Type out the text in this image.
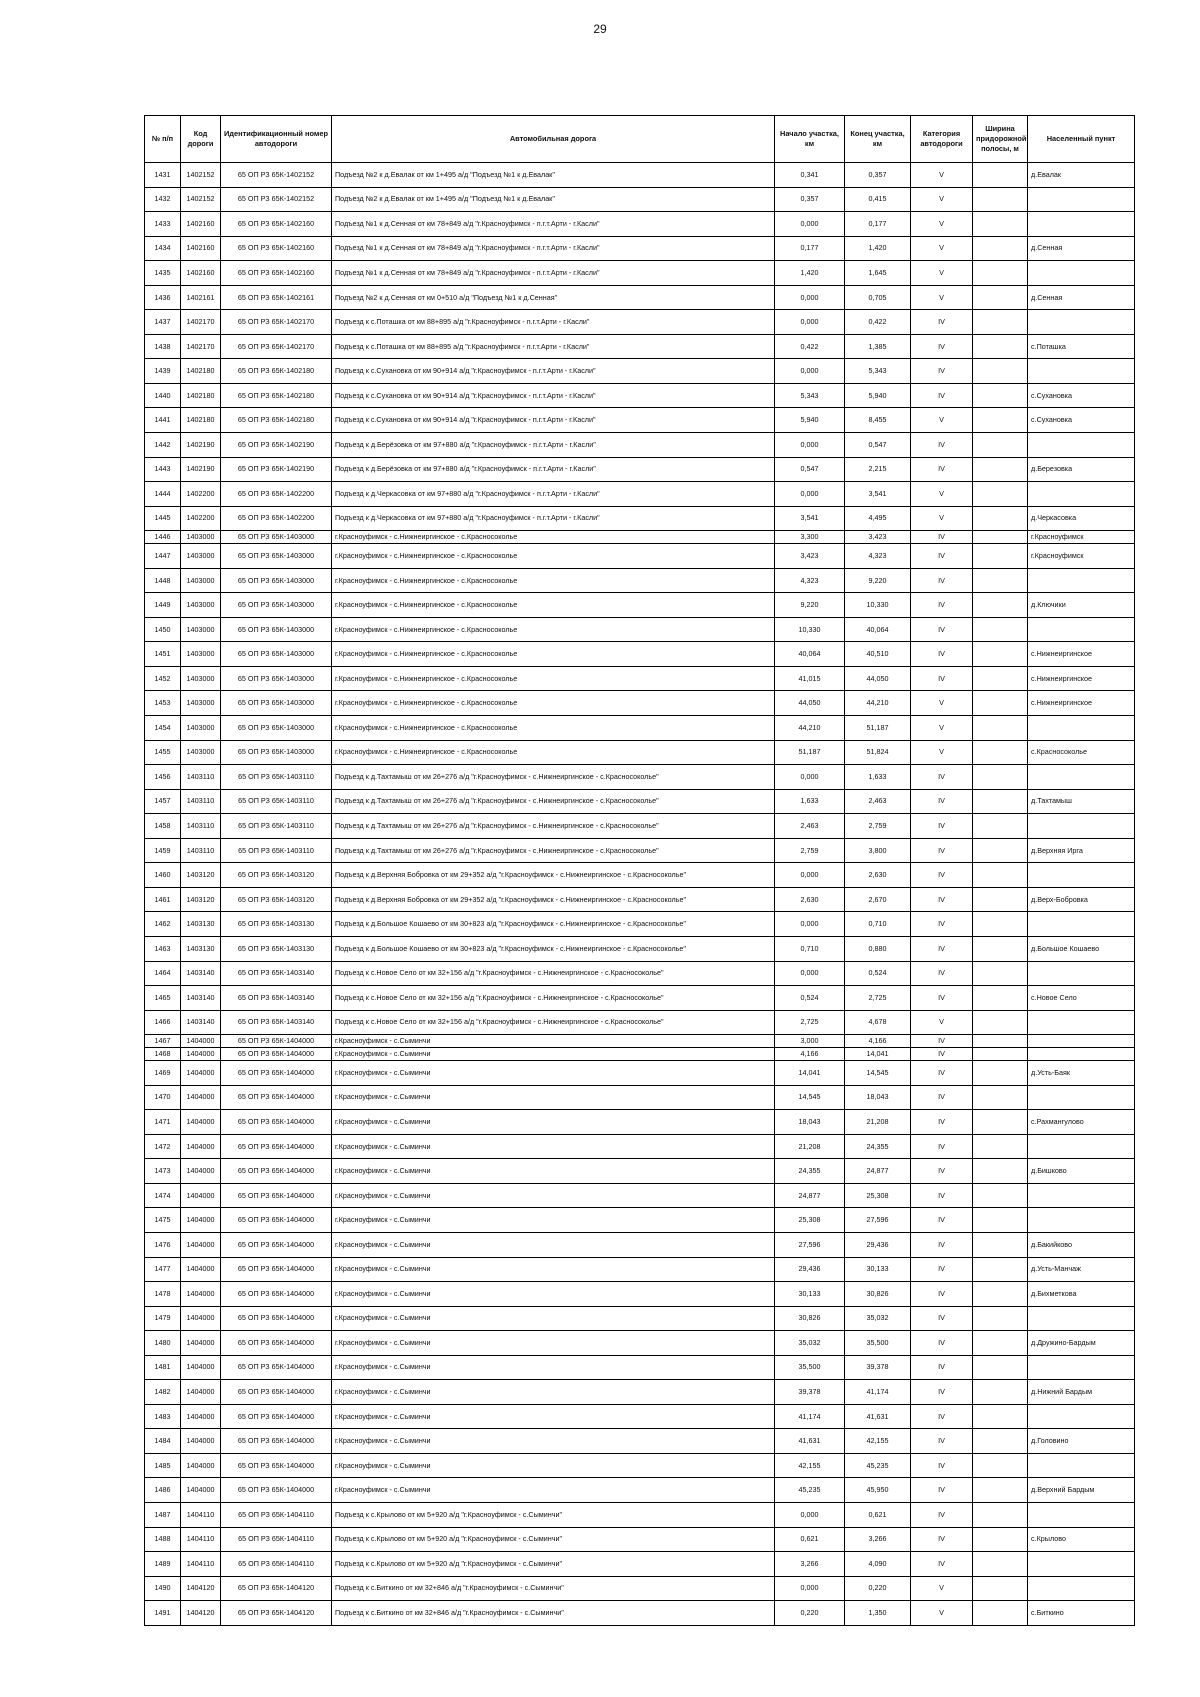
29
№ п/п	Код дороги	Идентификационный номер автодороги	Автомобильная дорога	Начало участка, км	Конец участка, км	Категория автодороги	Ширина придорожной полосы, м	Населенный пункт
1431	1402152	65 ОП РЗ 65К-1402152	Подъезд №2 к д.Евалак от км 1+495 а/д "Подъезд №1 к д.Евалак"	0,341	0,357	V		д.Евалак
1432	1402152	65 ОП РЗ 65К-1402152	Подъезд №2 к д.Евалак от км 1+495 а/д "Подъезд №1 к д.Евалак"	0,357	0,415	V		
1433	1402160	65 ОП РЗ 65К-1402160	Подъезд №1 к д.Сенная от км 78+849 а/д "г.Красноуфимск - п.г.т.Арти - г.Касли"	0,000	0,177	V		
1434	1402160	65 ОП РЗ 65К-1402160	Подъезд №1 к д.Сенная от км 78+849 а/д "г.Красноуфимск - п.г.т.Арти - г.Касли"	0,177	1,420	V		д.Сенная
1435	1402160	65 ОП РЗ 65К-1402160	Подъезд №1 к д.Сенная от км 78+849 а/д "г.Красноуфимск - п.г.т.Арти - г.Касли"	1,420	1,645	V		
1436	1402161	65 ОП РЗ 65К-1402161	Подъезд №2 к д.Сенная от км 0+510 а/д "Подъезд №1 к д.Сенная"	0,000	0,705	V		д.Сенная
1437	1402170	65 ОП РЗ 65К-1402170	Подъезд к с.Поташка от км 88+895 а/д "г.Красноуфимск - п.г.т.Арти - г.Касли"	0,000	0,422	IV		
1438	1402170	65 ОП РЗ 65К-1402170	Подъезд к с.Поташка от км 88+895 а/д "г.Красноуфимск - п.г.т.Арти - г.Касли"	0,422	1,385	IV		с.Поташка
1439	1402180	65 ОП РЗ 65К-1402180	Подъезд к с.Сухановка от км 90+914 а/д "г.Красноуфимск - п.г.т.Арти - г.Касли"	0,000	5,343	IV		
1440	1402180	65 ОП РЗ 65К-1402180	Подъезд к с.Сухановка от км 90+914 а/д "г.Красноуфимск - п.г.т.Арти - г.Касли"	5,343	5,940	IV		с.Сухановка
1441	1402180	65 ОП РЗ 65К-1402180	Подъезд к с.Сухановка от км 90+914 а/д "г.Красноуфимск - п.г.т.Арти - г.Касли"	5,940	8,455	V		с.Сухановка
1442	1402190	65 ОП РЗ 65К-1402190	Подъезд к д.Берёзовка от км 97+880 а/д "г.Красноуфимск - п.г.т.Арти - г.Касли"	0,000	0,547	IV		
1443	1402190	65 ОП РЗ 65К-1402190	Подъезд к д.Берёзовка от км 97+880 а/д "г.Красноуфимск - п.г.т.Арти - г.Касли"	0,547	2,215	IV		д.Березовка
1444	1402200	65 ОП РЗ 65К-1402200	Подъезд к д.Черкасовка от км 97+880 а/д "г.Красноуфимск - п.г.т.Арти - г.Касли"	0,000	3,541	V		
1445	1402200	65 ОП РЗ 65К-1402200	Подъезд к д.Черкасовка от км 97+880 а/д "г.Красноуфимск - п.г.т.Арти - г.Касли"	3,541	4,495	V		д.Черкасовка
1446	1403000	65 ОП РЗ 65К-1403000	г.Красноуфимск - с.Нижнеиргинское - с.Красносоколье	3,300	3,423	IV		г.Красноуфимск
1447	1403000	65 ОП РЗ 65К-1403000	г.Красноуфимск - с.Нижнеиргинское - с.Красносоколье	3,423	4,323	IV		г.Красноуфимск
1448	1403000	65 ОП РЗ 65К-1403000	г.Красноуфимск - с.Нижнеиргинское - с.Красносоколье	4,323	9,220	IV		
1449	1403000	65 ОП РЗ 65К-1403000	г.Красноуфимск - с.Нижнеиргинское - с.Красносоколье	9,220	10,330	IV		д.Ключики
1450	1403000	65 ОП РЗ 65К-1403000	г.Красноуфимск - с.Нижнеиргинское - с.Красносоколье	10,330	40,064	IV		
1451	1403000	65 ОП РЗ 65К-1403000	г.Красноуфимск - с.Нижнеиргинское - с.Красносоколье	40,064	40,510	IV		с.Нижнеиргинское
1452	1403000	65 ОП РЗ 65К-1403000	г.Красноуфимск - с.Нижнеиргинское - с.Красносоколье	41,015	44,050	IV		с.Нижнеиргинское
1453	1403000	65 ОП РЗ 65К-1403000	г.Красноуфимск - с.Нижнеиргинское - с.Красносоколье	44,050	44,210	V		с.Нижнеиргинское
1454	1403000	65 ОП РЗ 65К-1403000	г.Красноуфимск - с.Нижнеиргинское - с.Красносоколье	44,210	51,187	V		
1455	1403000	65 ОП РЗ 65К-1403000	г.Красноуфимск - с.Нижнеиргинское - с.Красносоколье	51,187	51,824	V		с.Красносоколье
1456	1403110	65 ОП РЗ 65К-1403110	Подъезд к д.Тахтамыш от км 26+276 а/д "г.Красноуфимск - с.Нижнеиргинское - с.Красносоколье"	0,000	1,633	IV		
1457	1403110	65 ОП РЗ 65К-1403110	Подъезд к д.Тахтамыш от км 26+276 а/д "г.Красноуфимск - с.Нижнеиргинское - с.Красносоколье"	1,633	2,463	IV		д.Тахтамыш
1458	1403110	65 ОП РЗ 65К-1403110	Подъезд к д.Тахтамыш от км 26+276 а/д "г.Красноуфимск - с.Нижнеиргинское - с.Красносоколье"	2,463	2,759	IV		
1459	1403110	65 ОП РЗ 65К-1403110	Подъезд к д.Тахтамыш от км 26+276 а/д "г.Красноуфимск - с.Нижнеиргинское - с.Красносоколье"	2,759	3,800	IV		д.Верхняя Ирга
1460	1403120	65 ОП РЗ 65К-1403120	Подъезд к д.Верхняя Бобровка от км 29+352 а/д "г.Красноуфимск - с.Нижнеиргинское - с.Красносоколье"	0,000	2,630	IV		
1461	1403120	65 ОП РЗ 65К-1403120	Подъезд к д.Верхняя Бобровка от км 29+352 а/д "г.Красноуфимск - с.Нижнеиргинское - с.Красносоколье"	2,630	2,670	IV		д.Верх-Бобровка
1462	1403130	65 ОП РЗ 65К-1403130	Подъезд к д.Большое Кошаево от км 30+823 а/д "г.Красноуфимск - с.Нижнеиргинское - с.Красносоколье"	0,000	0,710	IV		
1463	1403130	65 ОП РЗ 65К-1403130	Подъезд к д.Большое Кошаево от км 30+823 а/д "г.Красноуфимск - с.Нижнеиргинское - с.Красносоколье"	0,710	0,880	IV		д.Большое Кошаево
1464	1403140	65 ОП РЗ 65К-1403140	Подъезд к с.Новое Село от км 32+156 а/д "г.Красноуфимск - с.Нижнеиргинское - с.Красносоколье"	0,000	0,524	IV		
1465	1403140	65 ОП РЗ 65К-1403140	Подъезд к с.Новое Село от км 32+156 а/д "г.Красноуфимск - с.Нижнеиргинское - с.Красносоколье"	0,524	2,725	IV		с.Новое Село
1466	1403140	65 ОП РЗ 65К-1403140	Подъезд к с.Новое Село от км 32+156 а/д "г.Красноуфимск - с.Нижнеиргинское - с.Красносоколье"	2,725	4,678	V		
1467	1404000	65 ОП РЗ 65К-1404000	г.Красноуфимск - с.Сыминчи	3,000	4,166	IV		
1468	1404000	65 ОП РЗ 65К-1404000	г.Красноуфимск - с.Сыминчи	4,166	14,041	IV		
1469	1404000	65 ОП РЗ 65К-1404000	г.Красноуфимск - с.Сыминчи	14,041	14,545	IV		д.Усть-Баяк
1470	1404000	65 ОП РЗ 65К-1404000	г.Красноуфимск - с.Сыминчи	14,545	18,043	IV		
1471	1404000	65 ОП РЗ 65К-1404000	г.Красноуфимск - с.Сыминчи	18,043	21,208	IV		с.Рахмангулово
1472	1404000	65 ОП РЗ 65К-1404000	г.Красноуфимск - с.Сыминчи	21,208	24,355	IV		
1473	1404000	65 ОП РЗ 65К-1404000	г.Красноуфимск - с.Сыминчи	24,355	24,877	IV		д.Бишково
1474	1404000	65 ОП РЗ 65К-1404000	г.Красноуфимск - с.Сыминчи	24,877	25,308	IV		
1475	1404000	65 ОП РЗ 65К-1404000	г.Красноуфимск - с.Сыминчи	25,308	27,596	IV		
1476	1404000	65 ОП РЗ 65К-1404000	г.Красноуфимск - с.Сыминчи	27,596	29,436	IV		д.Бакийково
1477	1404000	65 ОП РЗ 65К-1404000	г.Красноуфимск - с.Сыминчи	29,436	30,133	IV		д.Усть-Манчаж
1478	1404000	65 ОП РЗ 65К-1404000	г.Красноуфимск - с.Сыминчи	30,133	30,826	IV		д.Бихметкова
1479	1404000	65 ОП РЗ 65К-1404000	г.Красноуфимск - с.Сыминчи	30,826	35,032	IV		
1480	1404000	65 ОП РЗ 65К-1404000	г.Красноуфимск - с.Сыминчи	35,032	35,500	IV		д.Дружино-Бардым
1481	1404000	65 ОП РЗ 65К-1404000	г.Красноуфимск - с.Сыминчи	35,500	39,378	IV		
1482	1404000	65 ОП РЗ 65К-1404000	г.Красноуфимск - с.Сыминчи	39,378	41,174	IV		д.Нижний Бардым
1483	1404000	65 ОП РЗ 65К-1404000	г.Красноуфимск - с.Сыминчи	41,174	41,631	IV		
1484	1404000	65 ОП РЗ 65К-1404000	г.Красноуфимск - с.Сыминчи	41,631	42,155	IV		д.Головино
1485	1404000	65 ОП РЗ 65К-1404000	г.Красноуфимск - с.Сыминчи	42,155	45,235	IV		
1486	1404000	65 ОП РЗ 65К-1404000	г.Красноуфимск - с.Сыминчи	45,235	45,950	IV		д.Верхний Бардым
1487	1404110	65 ОП РЗ 65К-1404110	Подъезд к с.Крылово от км 5+920 а/д "г.Красноуфимск - с.Сыминчи"	0,000	0,621	IV		
1488	1404110	65 ОП РЗ 65К-1404110	Подъезд к с.Крылово от км 5+920 а/д "г.Красноуфимск - с.Сыминчи"	0,621	3,266	IV		с.Крылово
1489	1404110	65 ОП РЗ 65К-1404110	Подъезд к с.Крылово от км 5+920 а/д "г.Красноуфимск - с.Сыминчи"	3,266	4,090	IV		
1490	1404120	65 ОП РЗ 65К-1404120	Подъезд к с.Биткино от км 32+846 а/д "г.Красноуфимск - с.Сыминчи"	0,000	0,220	V		
1491	1404120	65 ОП РЗ 65К-1404120	Подъезд к с.Биткино от км 32+846 а/д "г.Красноуфимск - с.Сыминчи"	0,220	1,350	V		с.Биткино
